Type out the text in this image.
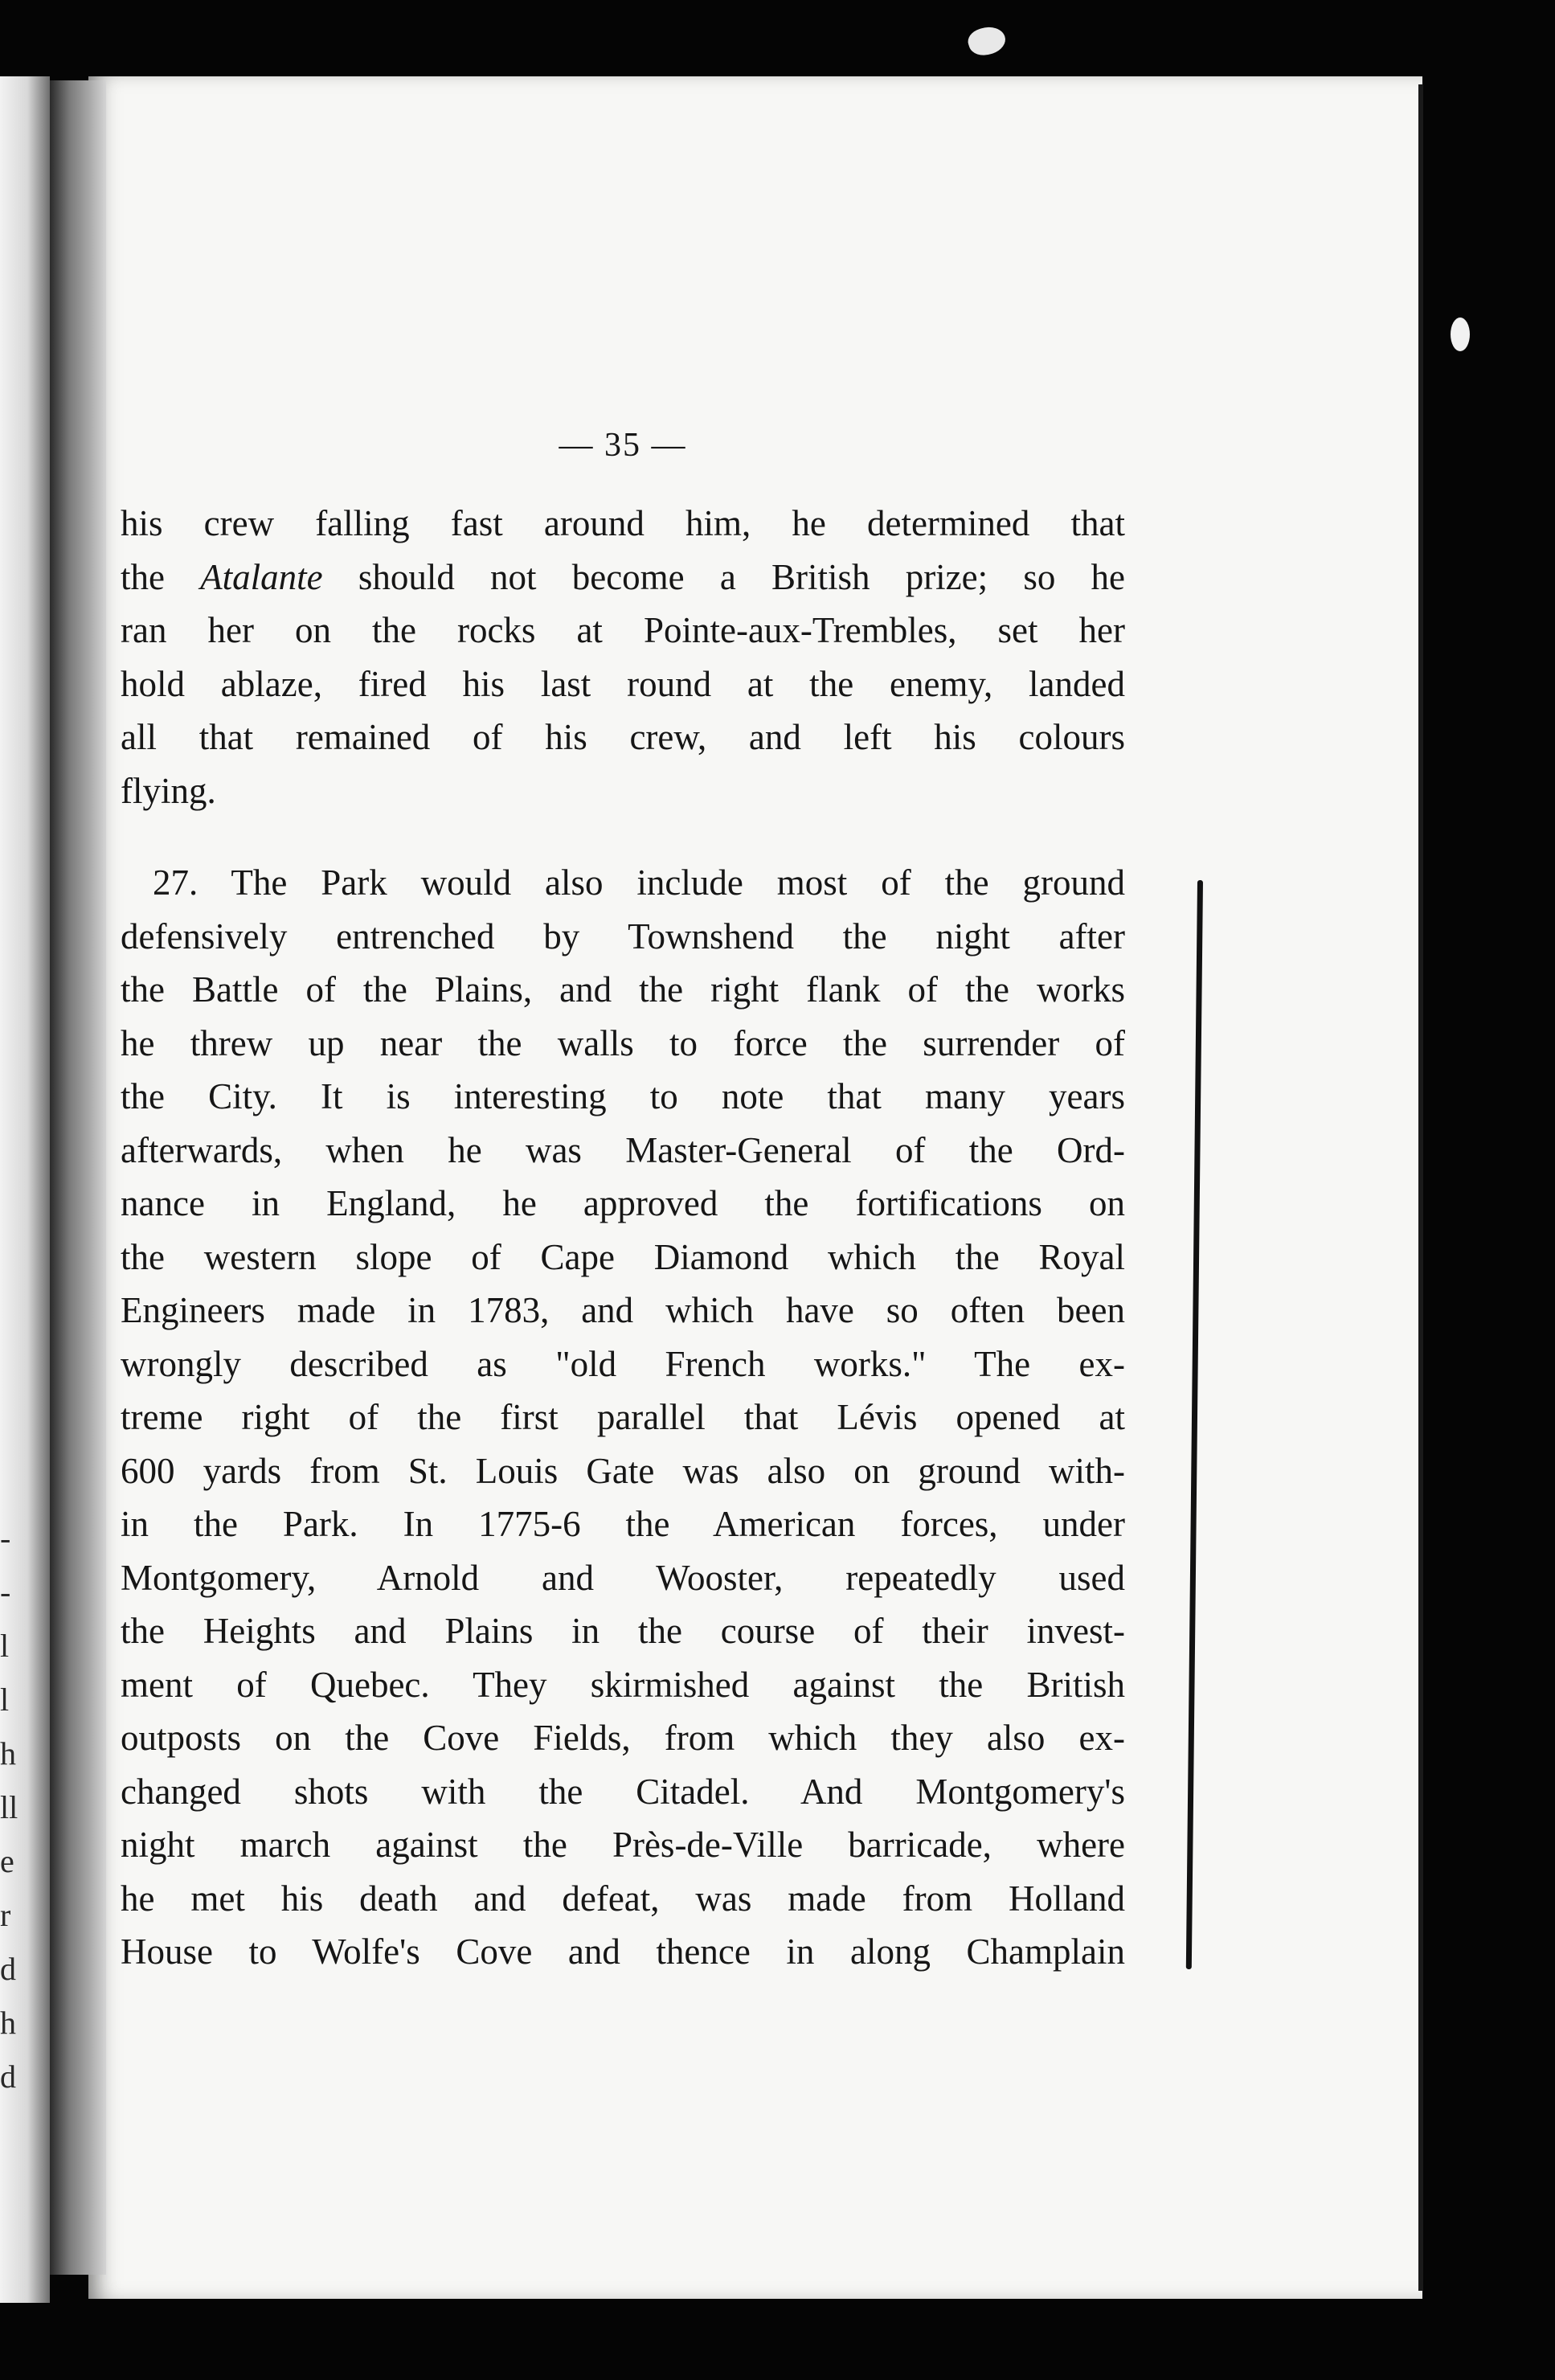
-
-
l
l
h
ll
e
r
d
h
d
— 35 —
his crew falling fast around him, he determined that
the Atalante should not become a British prize; so he
ran her on the rocks at Pointe-aux-Trembles, set her
hold ablaze, fired his last round at the enemy, landed
all that remained of his crew, and left his colours
flying.
27. The Park would also include most of the ground
defensively entrenched by Townshend the night after
the Battle of the Plains, and the right flank of the works
he threw up near the walls to force the surrender of
the City. It is interesting to note that many years
afterwards, when he was Master-General of the Ord-
nance in England, he approved the fortifications on
the western slope of Cape Diamond which the Royal
Engineers made in 1783, and which have so often been
wrongly described as "old French works." The ex-
treme right of the first parallel that Lévis opened at
600 yards from St. Louis Gate was also on ground with-
in the Park. In 1775-6 the American forces, under
Montgomery, Arnold and Wooster, repeatedly used
the Heights and Plains in the course of their invest-
ment of Quebec. They skirmished against the British
outposts on the Cove Fields, from which they also ex-
changed shots with the Citadel. And Montgomery's
night march against the Près-de-Ville barricade, where
he met his death and defeat, was made from Holland
House to Wolfe's Cove and thence in along Champlain
